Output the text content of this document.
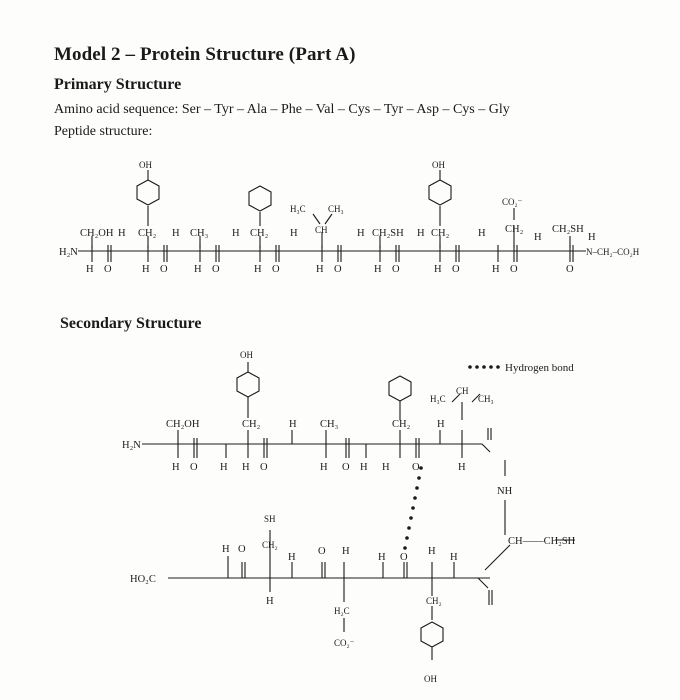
Model 2 – Protein Structure (Part A)
Primary Structure
Amino acid sequence: Ser – Tyr – Ala – Phe – Val – Cys – Tyr – Asp – Cys – Gly
Peptide structure:
Secondary Structure
OH	OH
CO₂⁻
H₃C CH₃
CH
CH₂OH H CH₂ H CH₃ H CH₂ H	H CH₂SH H CH₂	H CH₂
H
CH₂SH
H
H₂N	N–CH₂–CO₂H
H O	H O	H O	H O	H O	H O	H O	H O	O
Hydrogen bond
OH
CH₂OH	CH₂	H CH₃	CH₂	H
H₃C	CH₃
CH
H₂N
H O H H O	H O H H O	H
NH
CH——CH₂SH
SH
CH₂
H O
H
O H
H O
H
H
H
HO₂C
H₂C
CO₂⁻
CH₂
OH
